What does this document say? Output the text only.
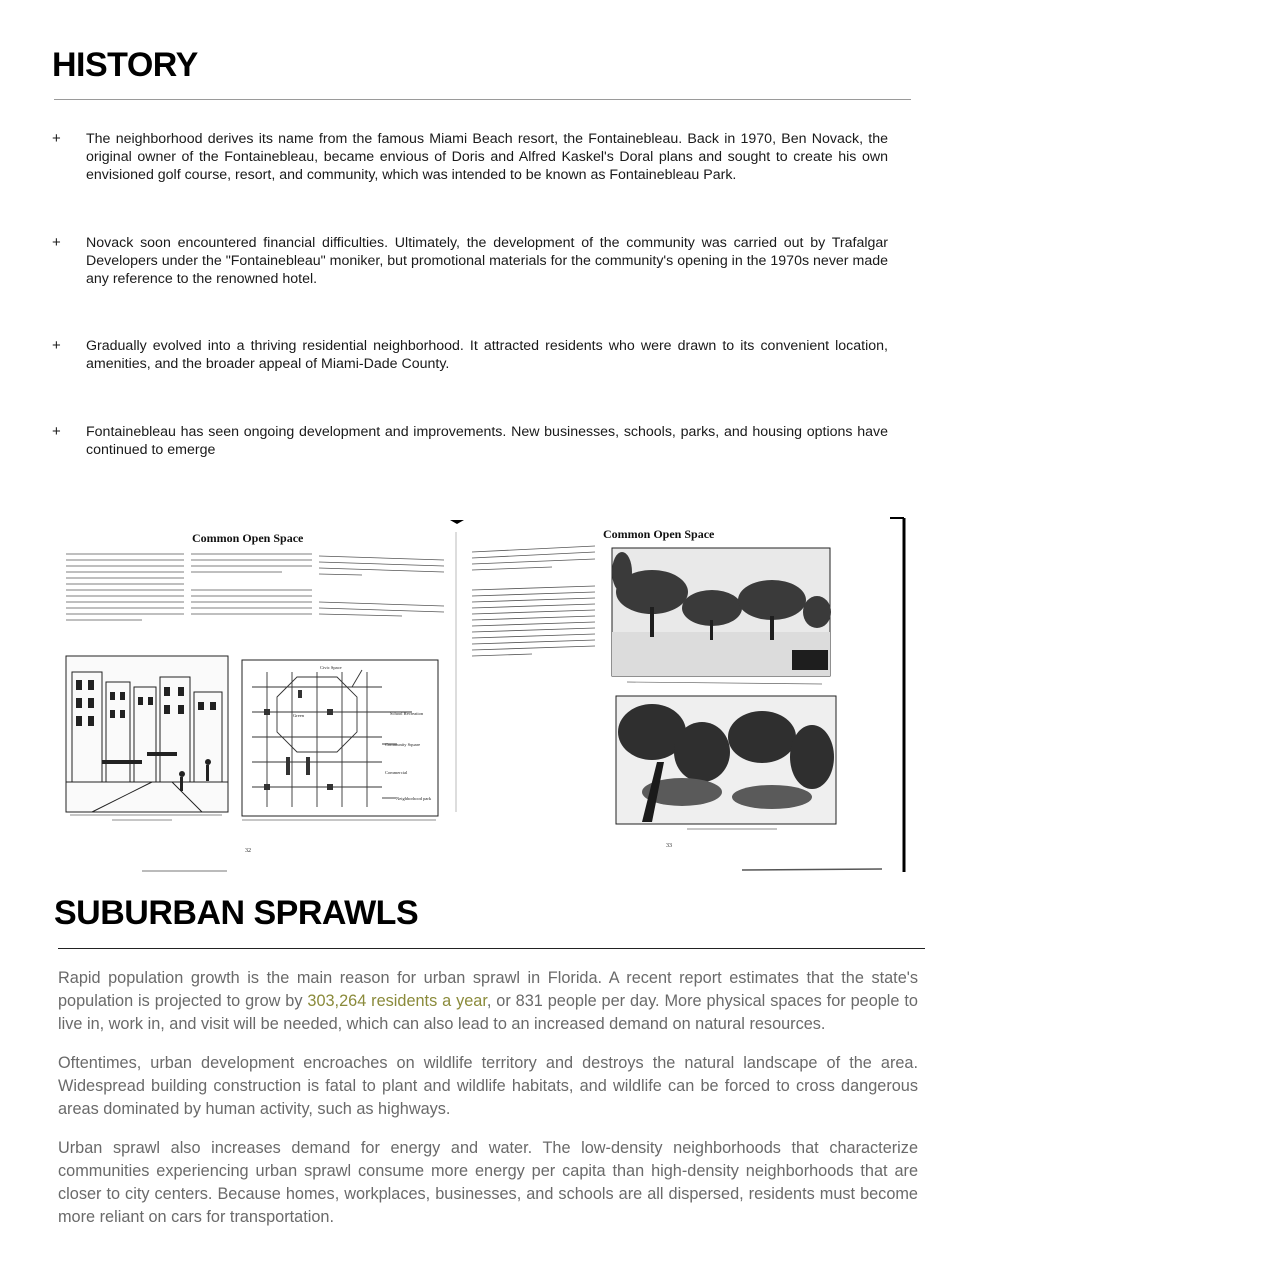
HISTORY
+	The neighborhood derives its name from the famous Miami Beach resort, the Fontainebleau. Back in 1970, Ben Novack, the original owner of the Fontainebleau, became envious of Doris and Alfred Kaskel's Doral plans and sought to create his own envisioned golf course, resort, and community, which was intended to be known as Fontainebleau Park.
+	Novack soon encountered financial difficulties. Ultimately, the development of the community was carried out by Trafalgar Developers under the "Fontainebleau" moniker, but promotional materials for the community's opening in the 1970s never made any reference to the renowned hotel.
+	Gradually evolved into a thriving residential neighborhood. It attracted residents who were drawn to its convenient location, amenities, and the broader appeal of Miami-Dade County.
+	Fontainebleau has seen ongoing development and improvements. New businesses, schools, parks, and housing options have continued to emerge
Common Open Space
Civic Space
School Recreation
Community Square
Commercial
Neighborhood park
Green
32
Common Open Space
33
SUBURBAN SPRAWLS

Rapid population growth is the main reason for urban sprawl in Florida. A recent report estimates that the state's population is projected to grow by 303,264 residents a year, or 831 people per day. More physical spaces for people to live in, work in, and visit will be needed, which can also lead to an increased demand on natural resources.

Oftentimes, urban development encroaches on wildlife territory and destroys the natural landscape of the area. Widespread building construction is fatal to plant and wildlife habitats, and wildlife can be forced to cross dangerous areas dominated by human activity, such as highways.

Urban sprawl also increases demand for energy and water. The low-density neighborhoods that characterize communities experiencing urban sprawl consume more energy per capita than high-density neighborhoods that are closer to city centers. Because homes, workplaces, businesses, and schools are all dispersed, residents must become more reliant on cars for transportation.
